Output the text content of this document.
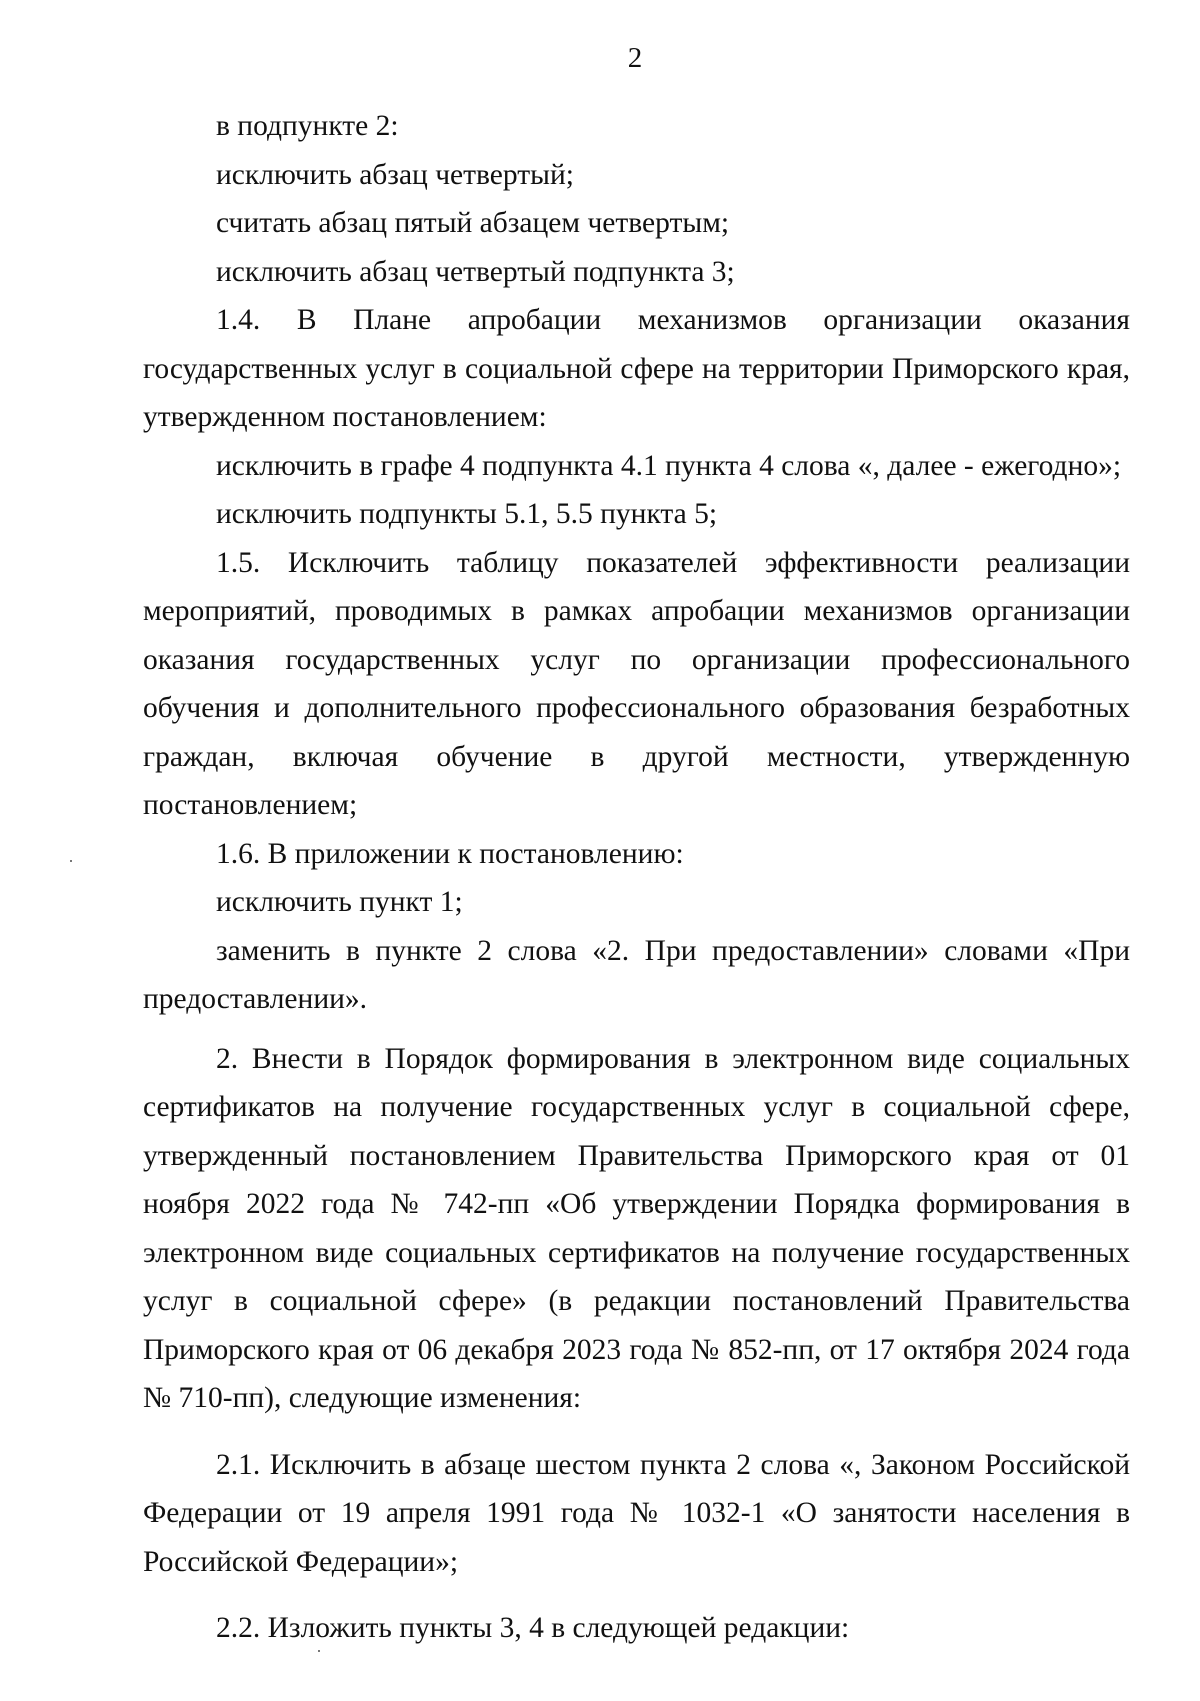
2

в подпункте 2:

исключить абзац четвертый;

считать абзац пятый абзацем четвертым;

исключить абзац четвертый подпункта 3;

1.4. В Плане апробации механизмов организации оказания государственных услуг в социальной сфере на территории Приморского края, утвержденном постановлением:

исключить в графе 4 подпункта 4.1 пункта 4 слова «, далее - ежегодно»;

исключить подпункты 5.1, 5.5 пункта 5;

1.5. Исключить таблицу показателей эффективности реализации мероприятий, проводимых в рамках апробации механизмов организации оказания государственных услуг по организации профессионального обучения и дополнительного профессионального образования безработных граждан, включая обучение в другой местности, утвержденную постановлением;

1.6. В приложении к постановлению:

исключить пункт 1;

заменить в пункте 2 слова «2. При предоставлении» словами «При предоставлении».

2. Внести в Порядок формирования в электронном виде социальных сертификатов на получение государственных услуг в социальной сфере, утвержденный постановлением Правительства Приморского края от 01 ноября 2022 года № 742-пп «Об утверждении Порядка формирования в электронном виде социальных сертификатов на получение государственных услуг в социальной сфере» (в редакции постановлений Правительства Приморского края от 06 декабря 2023 года № 852-пп, от 17 октября 2024 года № 710-пп), следующие изменения:

2.1. Исключить в абзаце шестом пункта 2 слова «, Законом Российской Федерации от 19 апреля 1991 года № 1032-1 «О занятости населения в Российской Федерации»;

2.2. Изложить пункты 3, 4 в следующей редакции:
